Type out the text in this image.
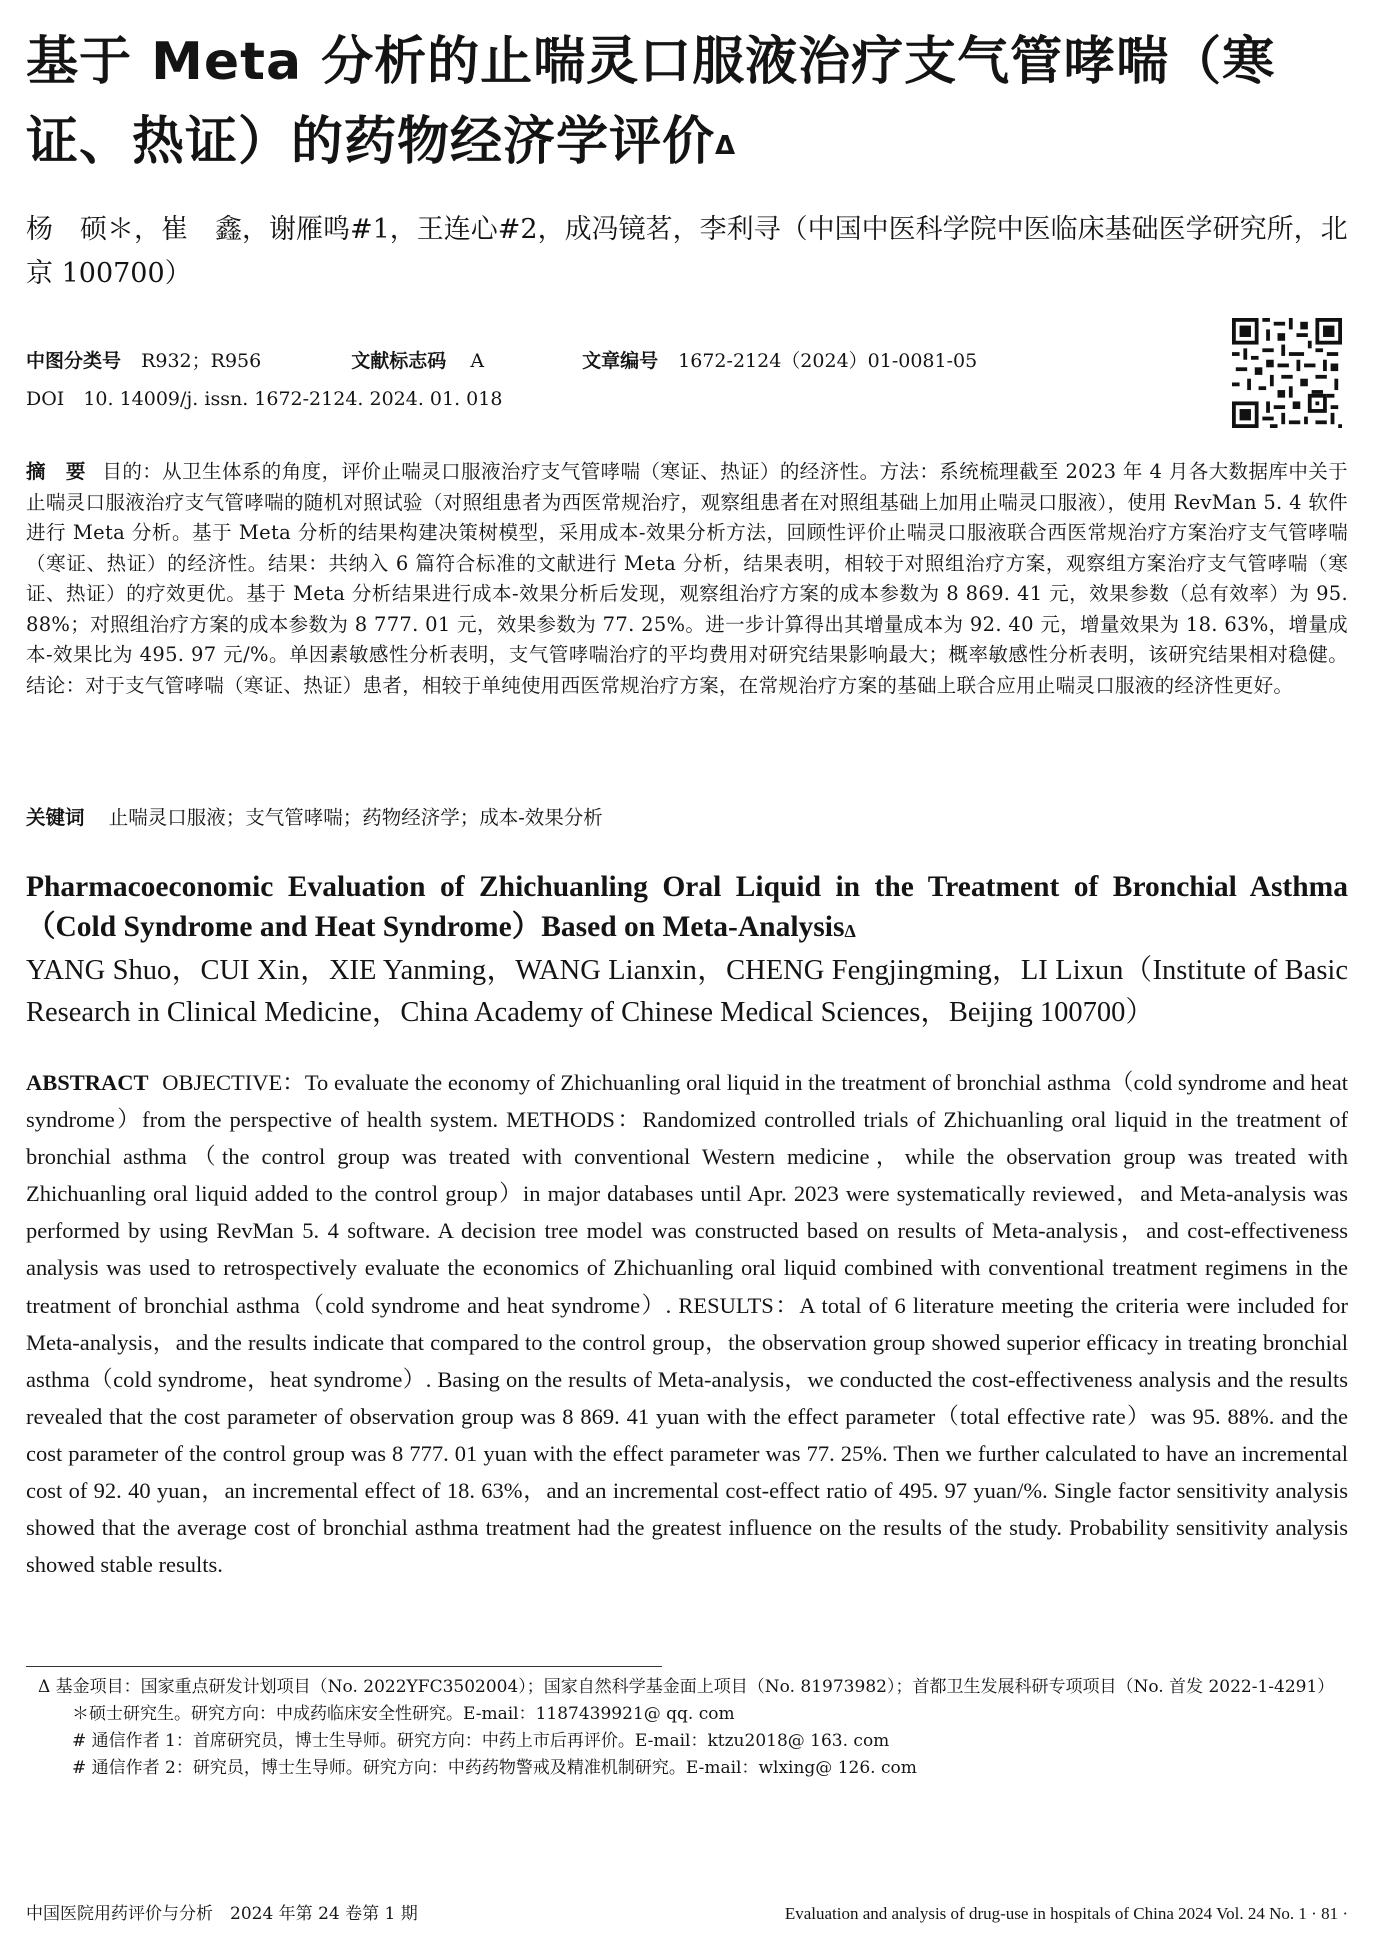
基于 Meta 分析的止喘灵口服液治疗支气管哮喘（寒证、热证）的药物经济学评价$^\Delta$
杨　硕＊，崔　鑫，谢雁鸣#1，王连心#2，成冯镜茗，李利寻（中国中医科学院中医临床基础医学研究所，北京 100700）
中图分类号 R932；R956	文献标志码 A	文章编号 1672-2124（2024）01-0081-05
DOI　10. 14009/j. issn. 1672-2124. 2024. 01. 018
摘　要 目的：从卫生体系的角度，评价止喘灵口服液治疗支气管哮喘（寒证、热证）的经济性。方法：系统梳理截至 2023 年 4 月各大数据库中关于止喘灵口服液治疗支气管哮喘的随机对照试验（对照组患者为西医常规治疗，观察组患者在对照组基础上加用止喘灵口服液），使用 RevMan 5. 4 软件进行 Meta 分析。基于 Meta 分析的结果构建决策树模型，采用成本-效果分析方法，回顾性评价止喘灵口服液联合西医常规治疗方案治疗支气管哮喘（寒证、热证）的经济性。结果：共纳入 6 篇符合标准的文献进行 Meta 分析，结果表明，相较于对照组治疗方案，观察组方案治疗支气管哮喘（寒证、热证）的疗效更优。基于 Meta 分析结果进行成本-效果分析后发现，观察组治疗方案的成本参数为 8 869. 41 元，效果参数（总有效率）为 95. 88%；对照组治疗方案的成本参数为 8 777. 01 元，效果参数为 77. 25%。进一步计算得出其增量成本为 92. 40 元，增量效果为 18. 63%，增量成本-效果比为 495. 97 元/%。单因素敏感性分析表明，支气管哮喘治疗的平均费用对研究结果影响最大；概率敏感性分析表明，该研究结果相对稳健。结论：对于支气管哮喘（寒证、热证）患者，相较于单纯使用西医常规治疗方案，在常规治疗方案的基础上联合应用止喘灵口服液的经济性更好。
关键词 止喘灵口服液；支气管哮喘；药物经济学；成本-效果分析
Pharmacoeconomic Evaluation of Zhichuanling Oral Liquid in the Treatment of Bronchial Asthma（Cold Syndrome and Heat Syndrome）Based on Meta-Analysis$^\Delta$
YANG Shuo，CUI Xin，XIE Yanming，WANG Lianxin，CHENG Fengjingming，LI Lixun（Institute of Basic Research in Clinical Medicine，China Academy of Chinese Medical Sciences，Beijing 100700）
ABSTRACT OBJECTIVE：To evaluate the economy of Zhichuanling oral liquid in the treatment of bronchial asthma（cold syndrome and heat syndrome）from the perspective of health system. METHODS：Randomized controlled trials of Zhichuanling oral liquid in the treatment of bronchial asthma（the control group was treated with conventional Western medicine，while the observation group was treated with Zhichuanling oral liquid added to the control group）in major databases until Apr. 2023 were systematically reviewed，and Meta-analysis was performed by using RevMan 5. 4 software. A decision tree model was constructed based on results of Meta-analysis，and cost-effectiveness analysis was used to retrospectively evaluate the economics of Zhichuanling oral liquid combined with conventional treatment regimens in the treatment of bronchial asthma（cold syndrome and heat syndrome）. RESULTS：A total of 6 literature meeting the criteria were included for Meta-analysis，and the results indicate that compared to the control group，the observation group showed superior efficacy in treating bronchial asthma（cold syndrome，heat syndrome）. Basing on the results of Meta-analysis，we conducted the cost-effectiveness analysis and the results revealed that the cost parameter of observation group was 8 869. 41 yuan with the effect parameter（total effective rate）was 95. 88%. and the cost parameter of the control group was 8 777. 01 yuan with the effect parameter was 77. 25%. Then we further calculated to have an incremental cost of 92. 40 yuan，an incremental effect of 18. 63%，and an incremental cost-effect ratio of 495. 97 yuan/%. Single factor sensitivity analysis showed that the average cost of bronchial asthma treatment had the greatest influence on the results of the study. Probability sensitivity analysis showed stable results.

Δ 基金项目：国家重点研发计划项目（No. 2022YFC3502004）；国家自然科学基金面上项目（No. 81973982）；首都卫生发展科研专项项目（No. 首发 2022-1-4291）

＊硕士研究生。研究方向：中成药临床安全性研究。E-mail：1187439921@ qq. com

# 通信作者 1：首席研究员，博士生导师。研究方向：中药上市后再评价。E-mail：ktzu2018@ 163. com

# 通信作者 2：研究员，博士生导师。研究方向：中药药物警戒及精准机制研究。E-mail：wlxing@ 126. com

中国医院用药评价与分析　2024 年第 24 卷第 1 期	Evaluation and analysis of drug-use in hospitals of China 2024 Vol. 24 No. 1 · 81 ·
